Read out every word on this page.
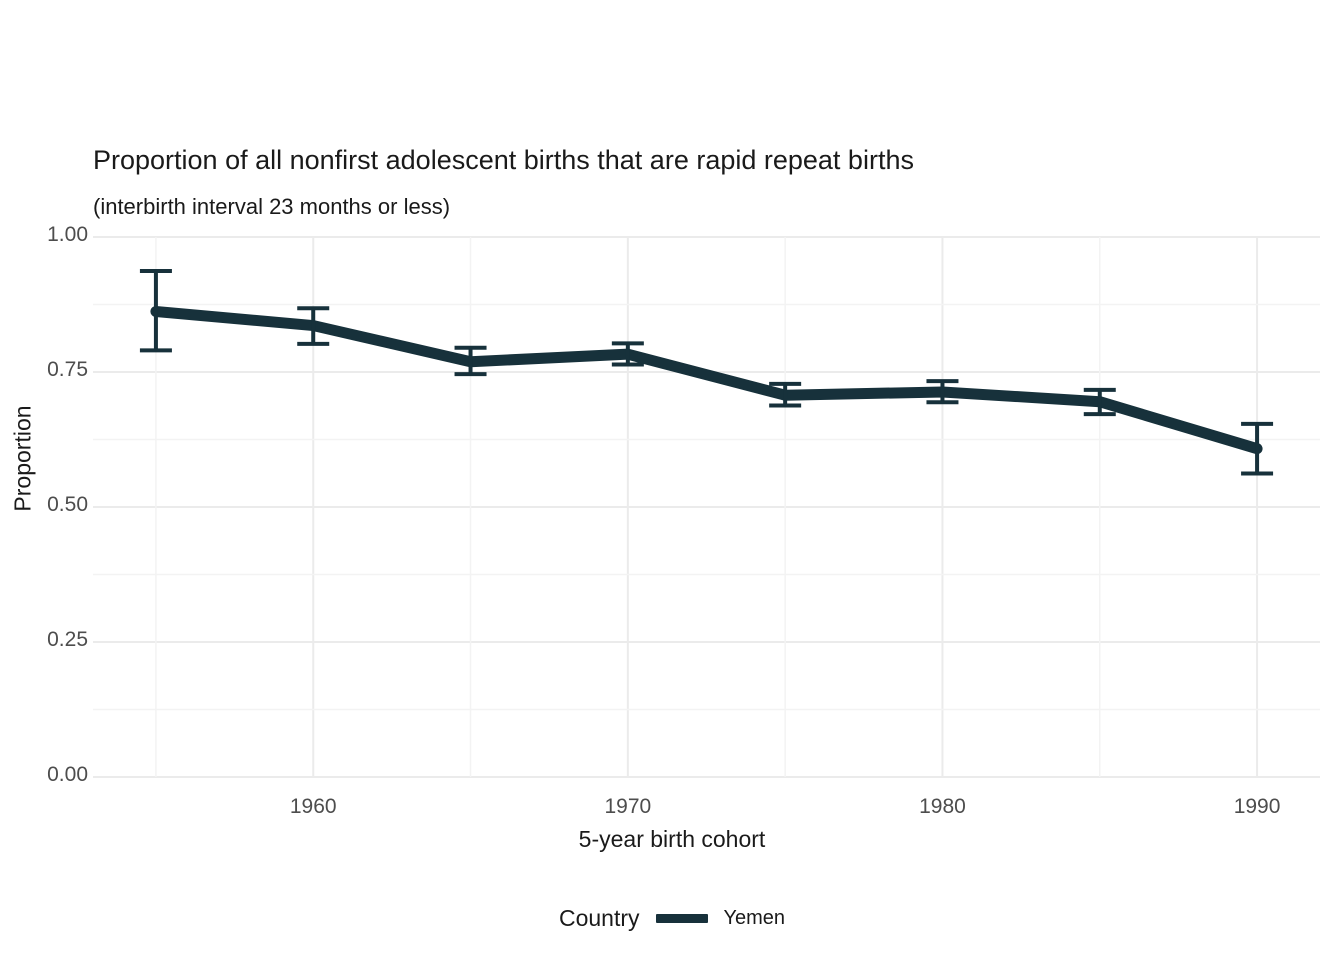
Proportion of all nonfirst adolescent births that are rapid repeat births
(interbirth interval 23 months or less)
0.00
0.25
0.50
0.75
1.00
1960	1970	1980	1990
Proportion
5-year birth cohort
Country	Yemen
